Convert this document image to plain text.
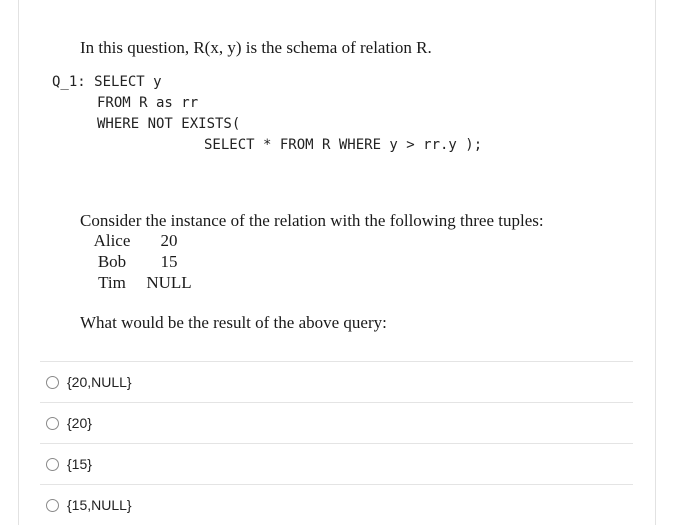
In this question, R(x, y) is the schema of relation R.
Q_1: SELECT y
FROM R as rr
WHERE NOT EXISTS(
SELECT * FROM R WHERE y > rr.y );
Consider the instance of the relation with the following three tuples:
Alice	20
Bob	15
Tim	NULL
What would be the result of the above query:
{20,NULL}
{20}
{15}
{15,NULL}
